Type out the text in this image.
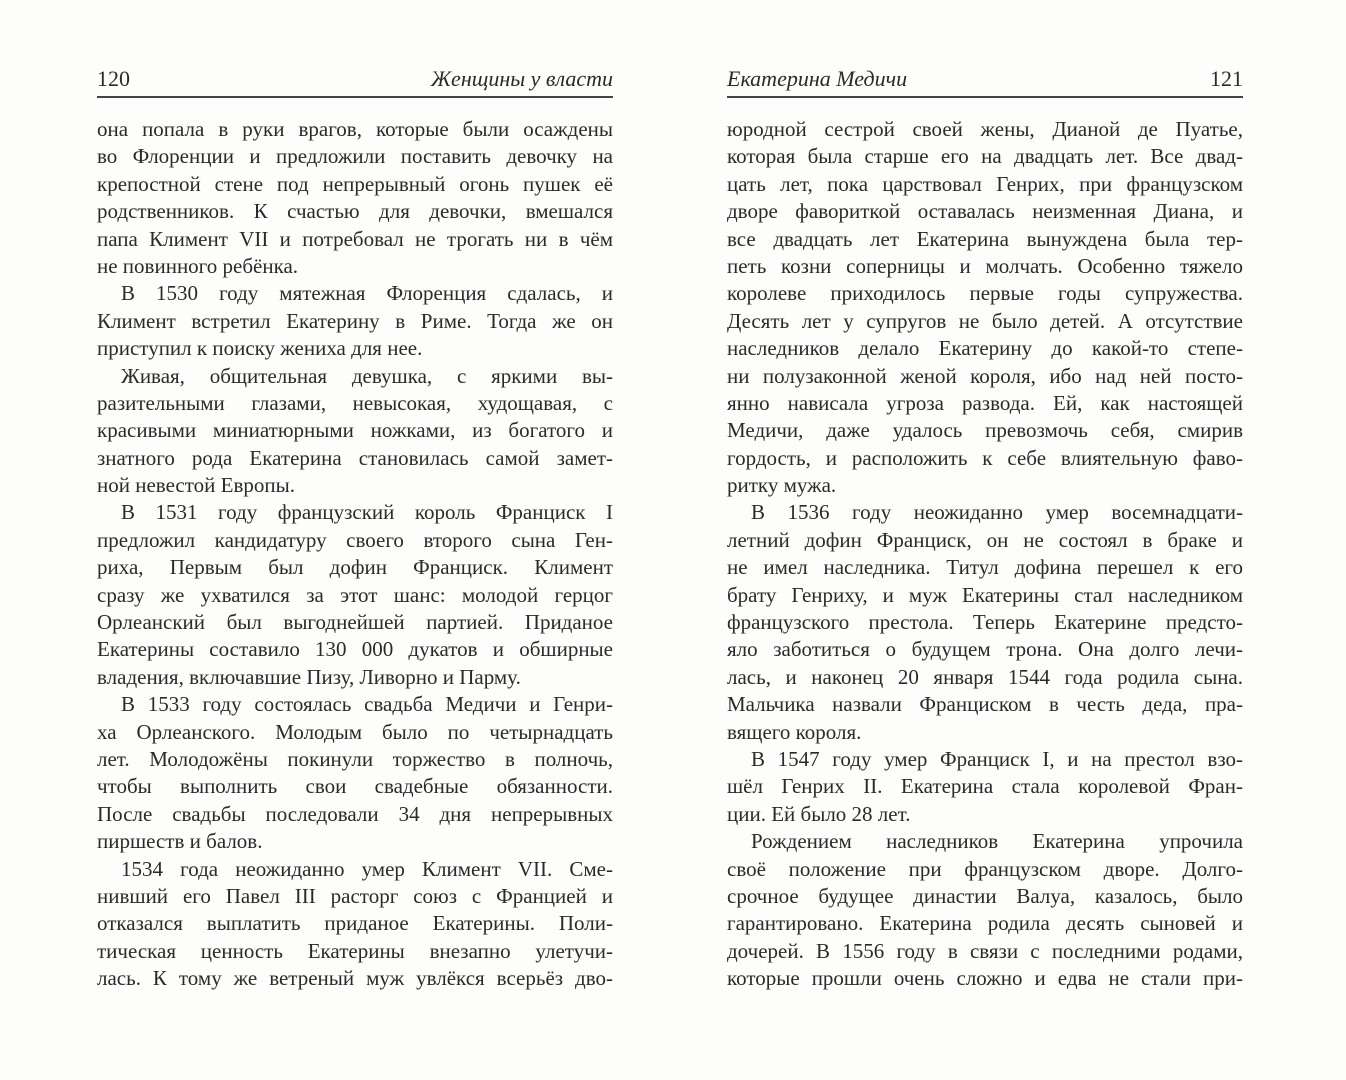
120	Женщины у власти
она попала в руки врагов, которые были осаждены
во Флоренции и предложили поставить девочку на
крепостной стене под непрерывный огонь пушек её
родственников. К счастью для девочки, вмешался
папа Климент VII и потребовал не трогать ни в чём
не повинного ребёнка.
В 1530 году мятежная Флоренция сдалась, и
Климент встретил Екатерину в Риме. Тогда же он
приступил к поиску жениха для нее.
Живая, общительная девушка, с яркими вы-
разительными глазами, невысокая, худощавая, с
красивыми миниатюрными ножками, из богатого и
знатного рода Екатерина становилась самой замет-
ной невестой Европы.
В 1531 году французский король Франциск I
предложил кандидатуру своего второго сына Ген-
риха, Первым был дофин Франциск. Климент
сразу же ухватился за этот шанс: молодой герцог
Орлеанский был выгоднейшей партией. Приданое
Екатерины составило 130 000 дукатов и обширные
владения, включавшие Пизу, Ливорно и Парму.
В 1533 году состоялась свадьба Медичи и Генри-
ха Орлеанского. Молодым было по четырнадцать
лет. Молодожёны покинули торжество в полночь,
чтобы выполнить свои свадебные обязанности.
После свадьбы последовали 34 дня непрерывных
пиршеств и балов.
1534 года неожиданно умер Климент VII. Сме-
нивший его Павел III расторг союз с Францией и
отказался выплатить приданое Екатерины. Поли-
тическая ценность Екатерины внезапно улетучи-
лась. К тому же ветреный муж увлёкся всерьёз дво-
Екатерина Медичи	121
юродной сестрой своей жены, Дианой де Пуатье,
которая была старше его на двадцать лет. Все двад-
цать лет, пока царствовал Генрих, при французском
дворе фавориткой оставалась неизменная Диана, и
все двадцать лет Екатерина вынуждена была тер-
петь козни соперницы и молчать. Особенно тяжело
королеве приходилось первые годы супружества.
Десять лет у супругов не было детей. А отсутствие
наследников делало Екатерину до какой-то степе-
ни полузаконной женой короля, ибо над ней посто-
янно нависала угроза развода. Ей, как настоящей
Медичи, даже удалось превозмочь себя, смирив
гордость, и расположить к себе влиятельную фаво-
ритку мужа.
В 1536 году неожиданно умер восемнадцати-
летний дофин Франциск, он не состоял в браке и
не имел наследника. Титул дофина перешел к его
брату Генриху, и муж Екатерины стал наследником
французского престола. Теперь Екатерине предсто-
яло заботиться о будущем трона. Она долго лечи-
лась, и наконец 20 января 1544 года родила сына.
Мальчика назвали Франциском в честь деда, пра-
вящего короля.
В 1547 году умер Франциск I, и на престол взо-
шёл Генрих II. Екатерина стала королевой Фран-
ции. Ей было 28 лет.
Рождением наследников Екатерина упрочила
своё положение при французском дворе. Долго-
срочное будущее династии Валуа, казалось, было
гарантировано. Екатерина родила десять сыновей и
дочерей. В 1556 году в связи с последними родами,
которые прошли очень сложно и едва не стали при-
